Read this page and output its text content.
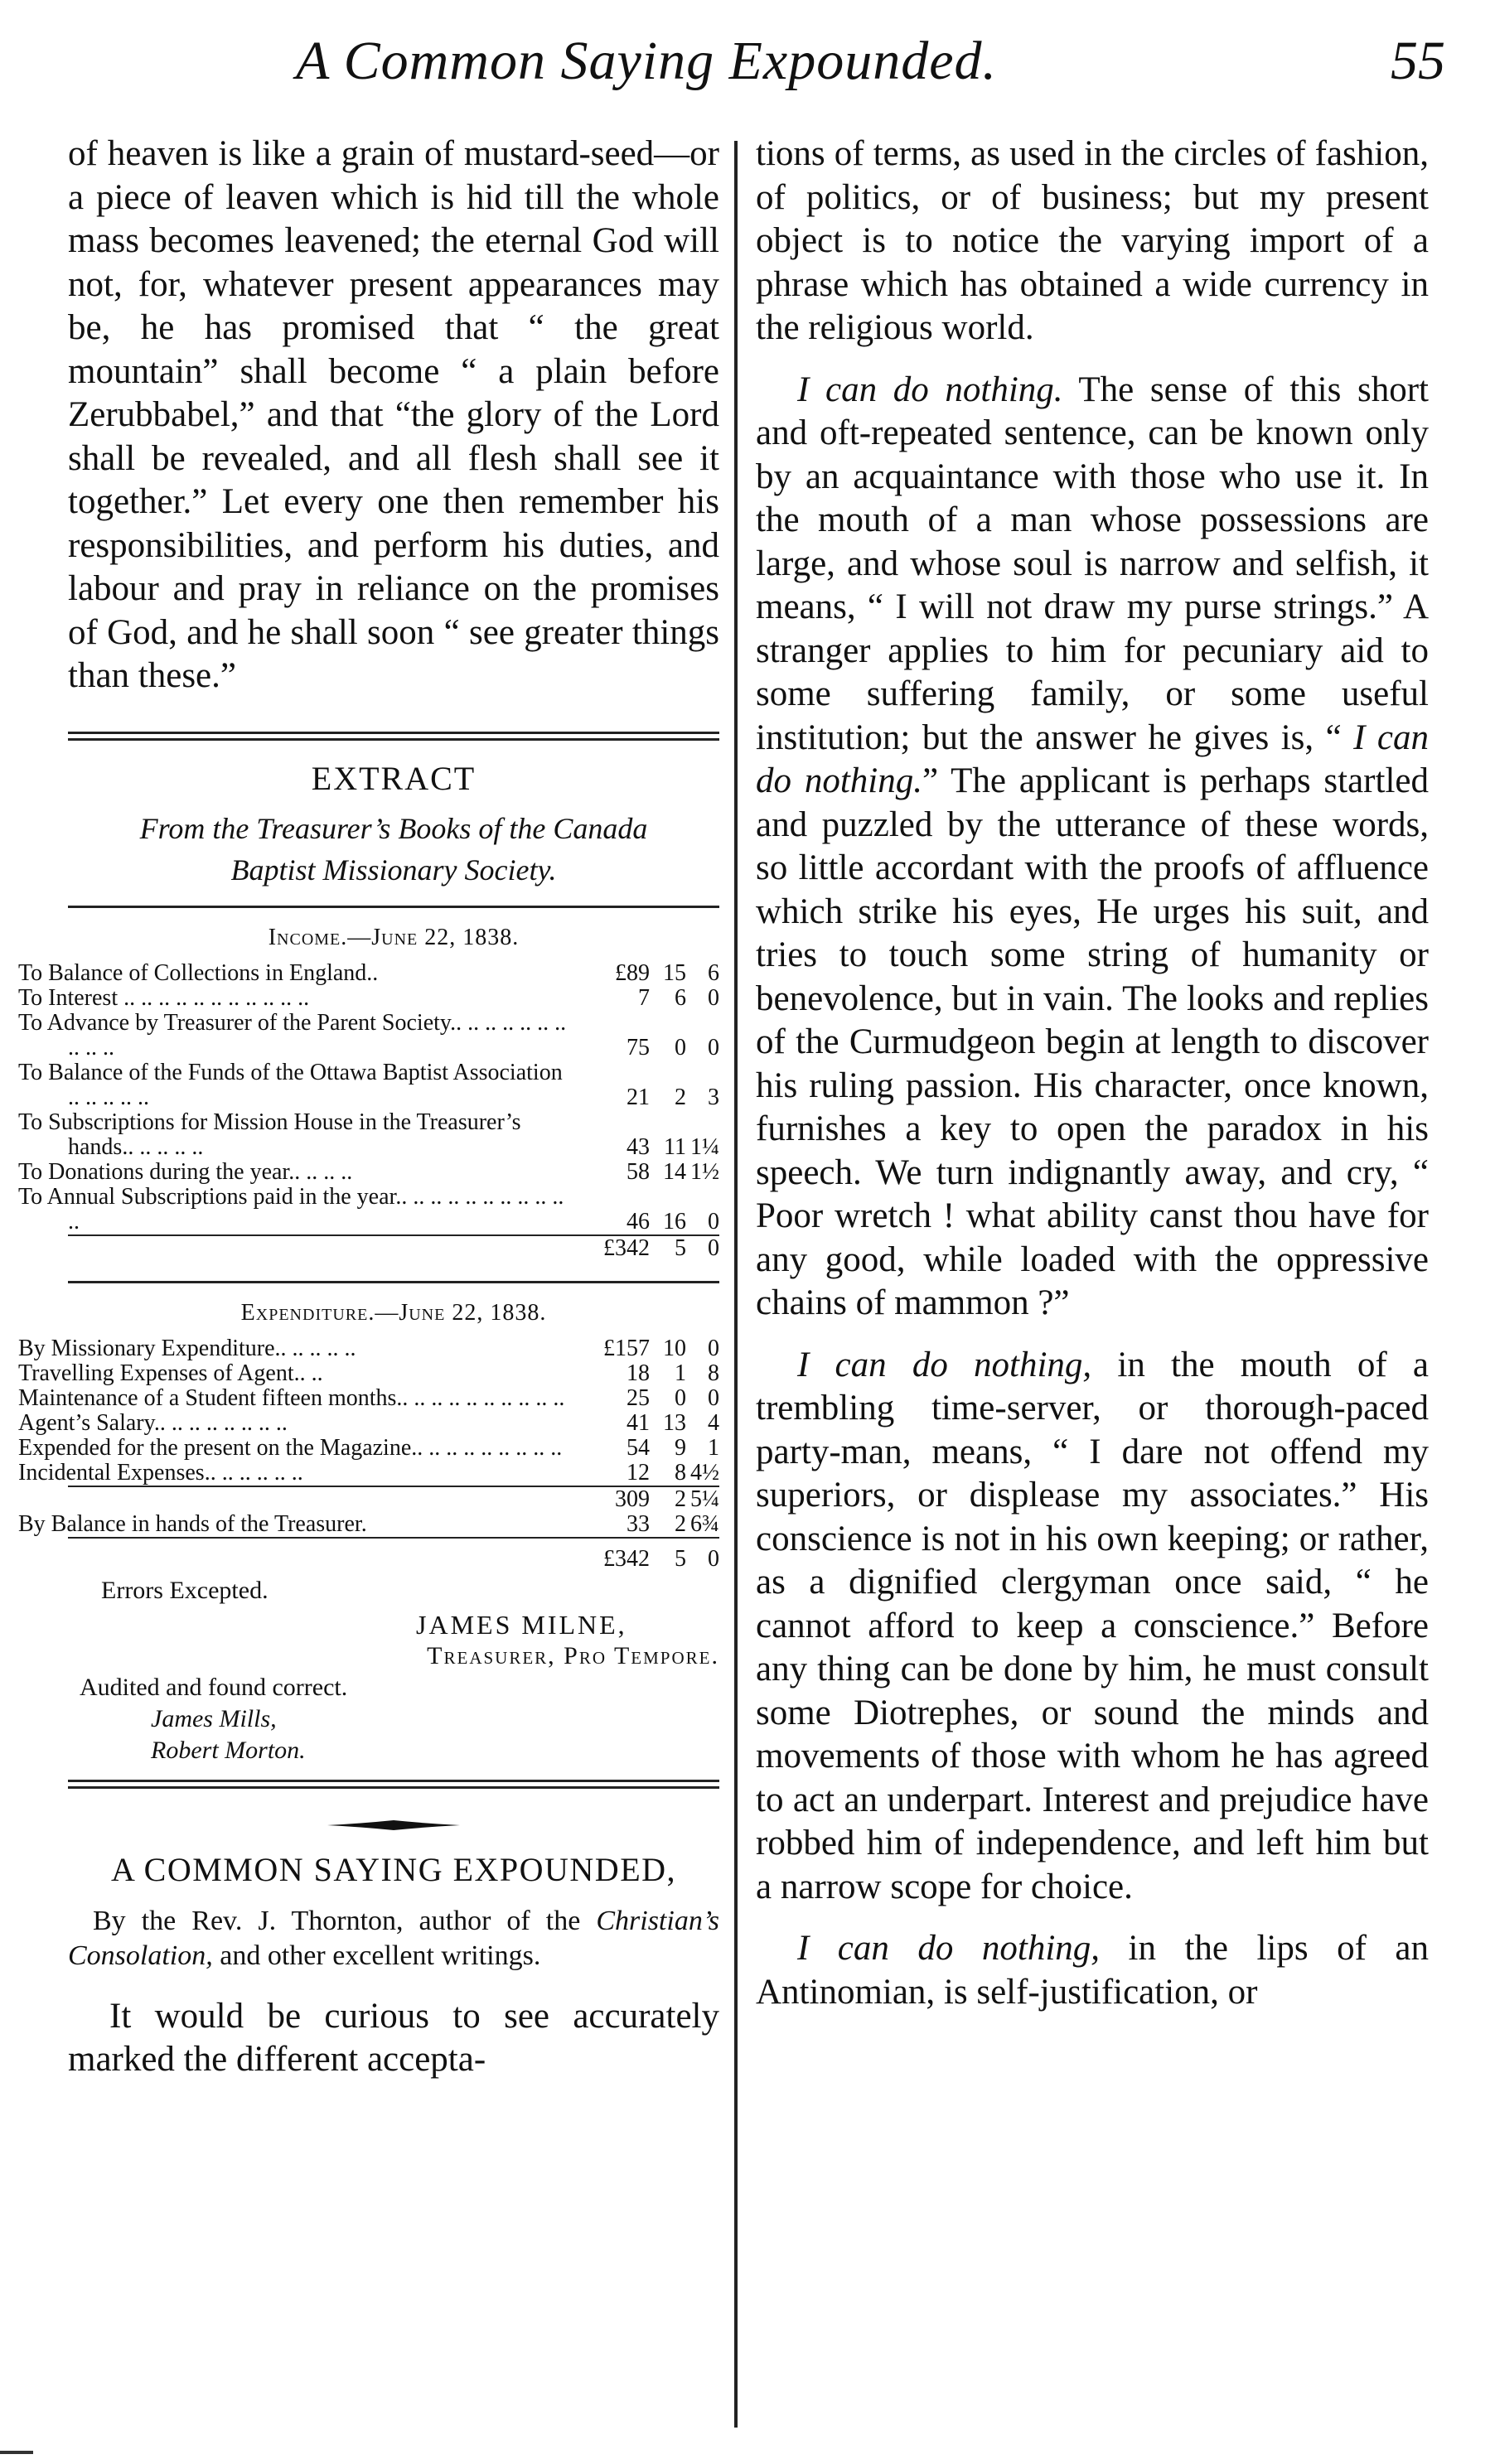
A Common Saying Expounded.	55

of heaven is like a grain of mustard-seed—or a piece of leaven which is hid till the whole mass becomes leavened; the eternal God will not, for, whatever present appearances may be, he has promised that “ the great mountain” shall become “ a plain before Zerubbabel,” and that “the glory of the Lord shall be revealed, and all flesh shall see it together.” Let every one then remember his responsibilities, and perform his duties, and labour and pray in reliance on the promises of God, and he shall soon “ see greater things than these.”

EXTRACT
From the Treasurer’s Books of the Canada
Baptist Missionary Society.
Income.—June 22, 1838.
To Balance of Collections in England..	£89	15	6
To Interest .. .. .. .. .. .. .. .. .. .. ..	7	6	0
To Advance by Treasurer of the Parent Society.. .. .. .. .. .. .. .. .. ..	75	0	0
To Balance of the Funds of the Ottawa Baptist Association .. .. .. .. ..	21	2	3
To Subscriptions for Mission House in the Treasurer’s hands.. .. .. .. ..	43	11	1¼
To Donations during the year.. .. .. ..	58	14	1½
To Annual Subscriptions paid in the year.. .. .. .. .. .. .. .. .. .. ..	46	16	0
	£342	5	0
Expenditure.—June 22, 1838.
By Missionary Expenditure.. .. .. .. ..	£157	10	0
Travelling Expenses of Agent.. ..	18	1	8
Maintenance of a Student fifteen months.. .. .. .. .. .. .. .. .. ..	25	0	0
Agent’s Salary.. .. .. .. .. .. .. ..	41	13	4
Expended for the present on the Magazine.. .. .. .. .. .. .. .. ..	54	9	1
Incidental Expenses.. .. .. .. .. ..	12	8	4½
	309	2	5¼
By Balance in hands of the Treasurer.	33	2	6¾
	£342	5	0
Errors Excepted.
JAMES MILNE,
Treasurer, Pro Tempore.
Audited and found correct.
James Mills,
Robert Morton.
A COMMON SAYING EXPOUNDED,
By the Rev. J. Thornton, author of the Christian’s Consolation, and other excellent writings.

It would be curious to see accurately marked the different accepta-

tions of terms, as used in the circles of fashion, of politics, or of business; but my present object is to notice the varying import of a phrase which has obtained a wide currency in the religious world.

I can do nothing. The sense of this short and oft-repeated sentence, can be known only by an acquaintance with those who use it. In the mouth of a man whose possessions are large, and whose soul is narrow and selfish, it means, “ I will not draw my purse strings.” A stranger applies to him for pecuniary aid to some suffering family, or some useful institution; but the answer he gives is, “ I can do nothing.” The applicant is perhaps startled and puzzled by the utterance of these words, so little accordant with the proofs of affluence which strike his eyes, He urges his suit, and tries to touch some string of humanity or benevolence, but in vain. The looks and replies of the Curmudgeon begin at length to discover his ruling passion. His character, once known, furnishes a key to open the paradox in his speech. We turn indignantly away, and cry, “ Poor wretch ! what ability canst thou have for any good, while loaded with the oppressive chains of mammon ?”

I can do nothing, in the mouth of a trembling time-server, or thorough-paced party-man, means, “ I dare not offend my superiors, or displease my associates.” His conscience is not in his own keeping; or rather, as a dignified clergyman once said, “ he cannot afford to keep a conscience.” Before any thing can be done by him, he must consult some Diotrephes, or sound the minds and movements of those with whom he has agreed to act an underpart. Interest and prejudice have robbed him of independence, and left him but a narrow scope for choice.

I can do nothing, in the lips of an Antinomian, is self-justification, or
